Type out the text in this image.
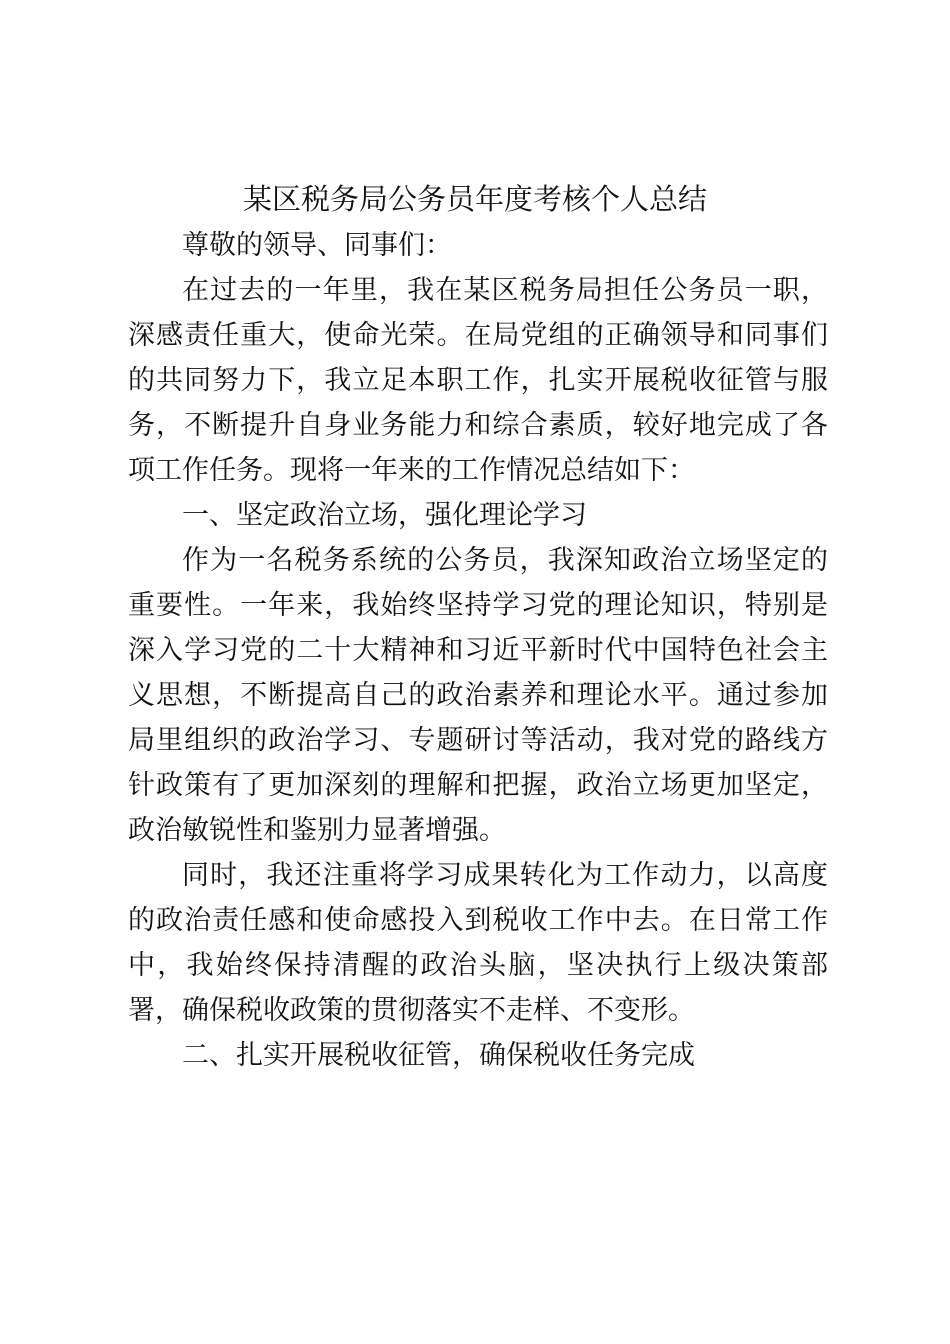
某区税务局公务员年度考核个人总结

尊敬的领导、同事们：

在过去的一年里，我在某区税务局担任公务员一职，深感责任重大，使命光荣。在局党组的正确领导和同事们的共同努力下，我立足本职工作，扎实开展税收征管与服务，不断提升自身业务能力和综合素质，较好地完成了各项工作任务。现将一年来的工作情况总结如下：

一、坚定政治立场，强化理论学习

作为一名税务系统的公务员，我深知政治立场坚定的重要性。一年来，我始终坚持学习党的理论知识，特别是深入学习党的二十大精神和习近平新时代中国特色社会主义思想，不断提高自己的政治素养和理论水平。通过参加局里组织的政治学习、专题研讨等活动，我对党的路线方针政策有了更加深刻的理解和把握，政治立场更加坚定，政治敏锐性和鉴别力显著增强。

同时，我还注重将学习成果转化为工作动力，以高度的政治责任感和使命感投入到税收工作中去。在日常工作中，我始终保持清醒的政治头脑，坚决执行上级决策部署，确保税收政策的贯彻落实不走样、不变形。

二、扎实开展税收征管，确保税收任务完成
